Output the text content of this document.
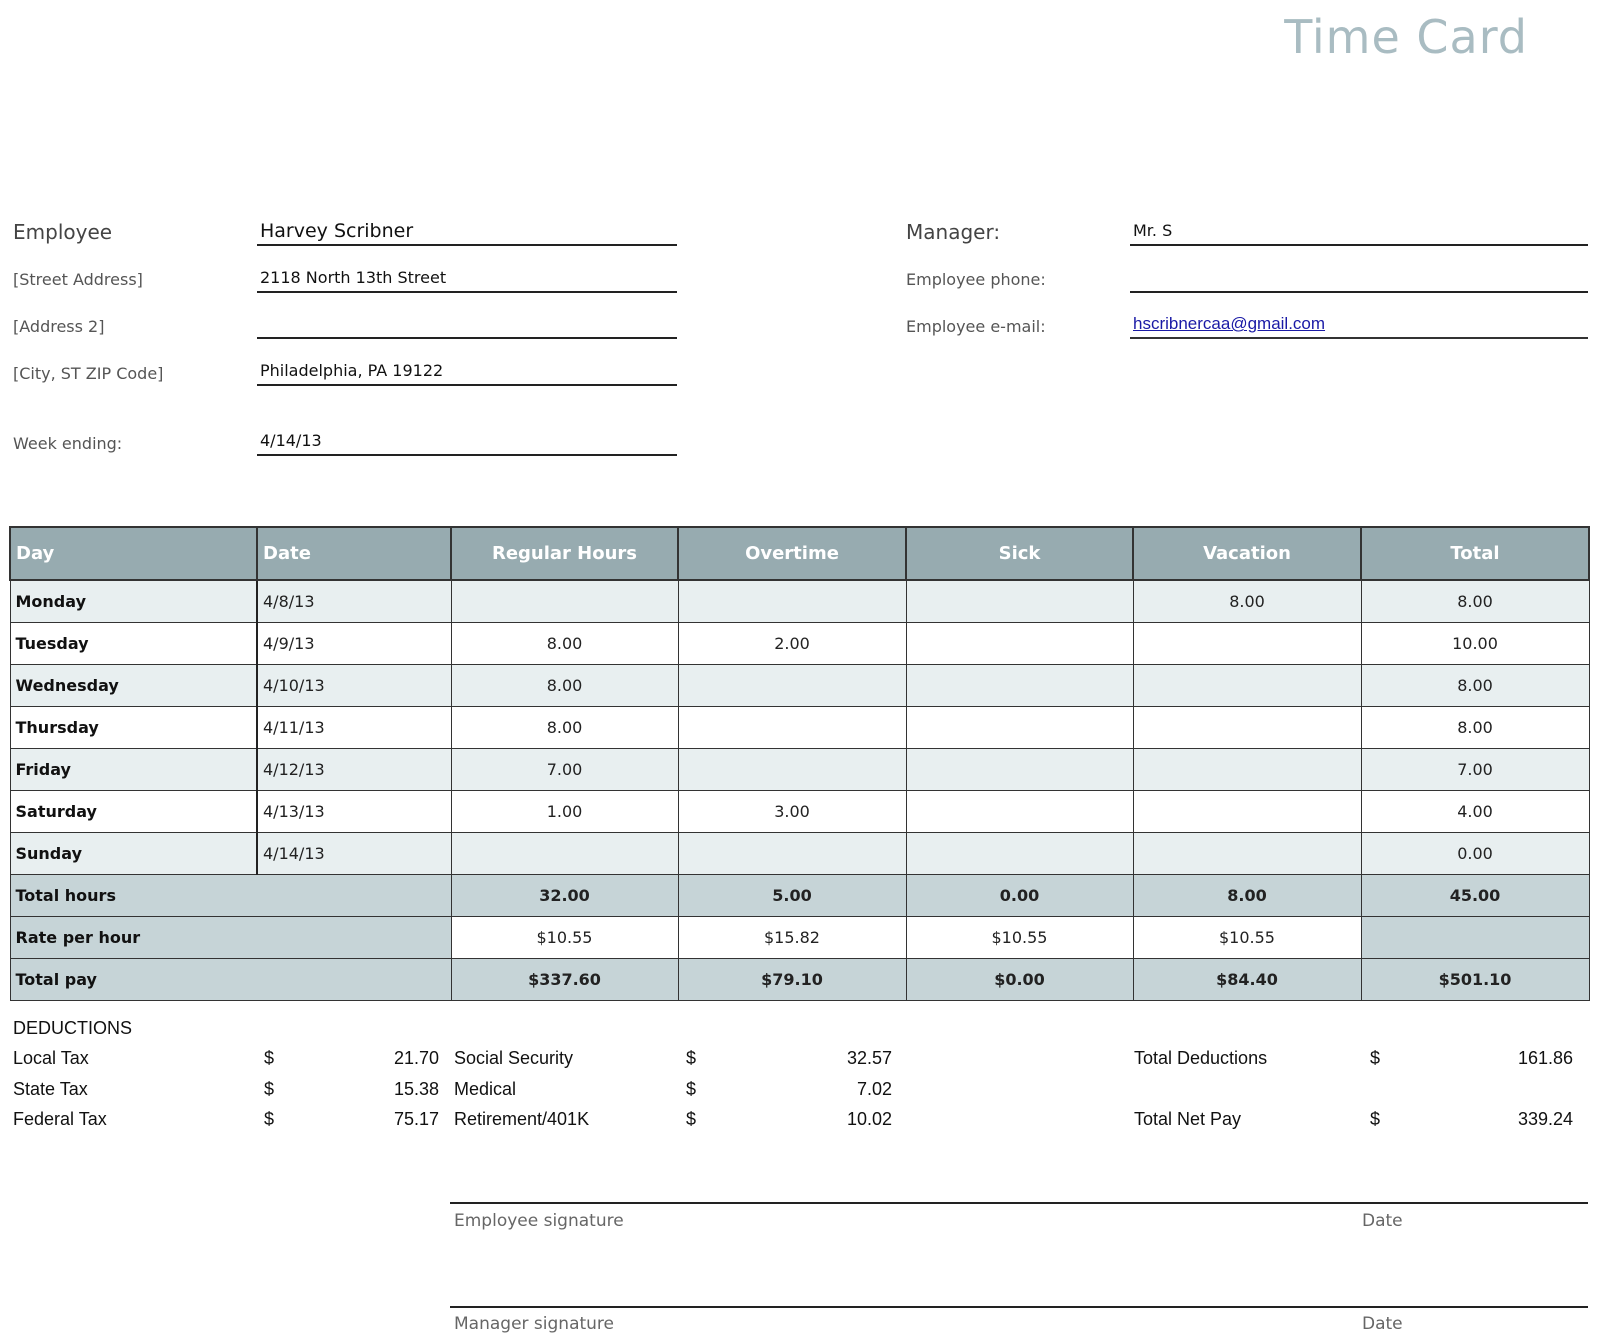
Time Card
Employee	Harvey Scribner
[Street Address]	2118 North 13th Street
[Address 2]
[City, ST ZIP Code]	Philadelphia, PA 19122
Week ending:	4/14/13
Manager:	Mr. S
Employee phone:
Employee e-mail:	hscribnercaa@gmail.com
Day	Date	Regular Hours	Overtime	Sick	Vacation	Total
Monday	4/8/13				8.00	8.00
Tuesday	4/9/13	8.00	2.00			10.00
Wednesday	4/10/13	8.00				8.00
Thursday	4/11/13	8.00				8.00
Friday	4/12/13	7.00				7.00
Saturday	4/13/13	1.00	3.00			4.00
Sunday	4/14/13					0.00
Total hours		32.00	5.00	0.00	8.00	45.00
Rate per hour		$10.55	$15.82	$10.55	$10.55	
Total pay		$337.60	$79.10	$0.00	$84.40	$501.10
DEDUCTIONS
Local Tax	$	21.70
State Tax	$	15.38
Federal Tax	$	75.17
Social Security	$	32.57
Medical	$	7.02
Retirement/401K	$	10.02
Total Deductions	$	161.86
Total Net Pay	$	339.24
Employee signature	Date
Manager signature	Date
